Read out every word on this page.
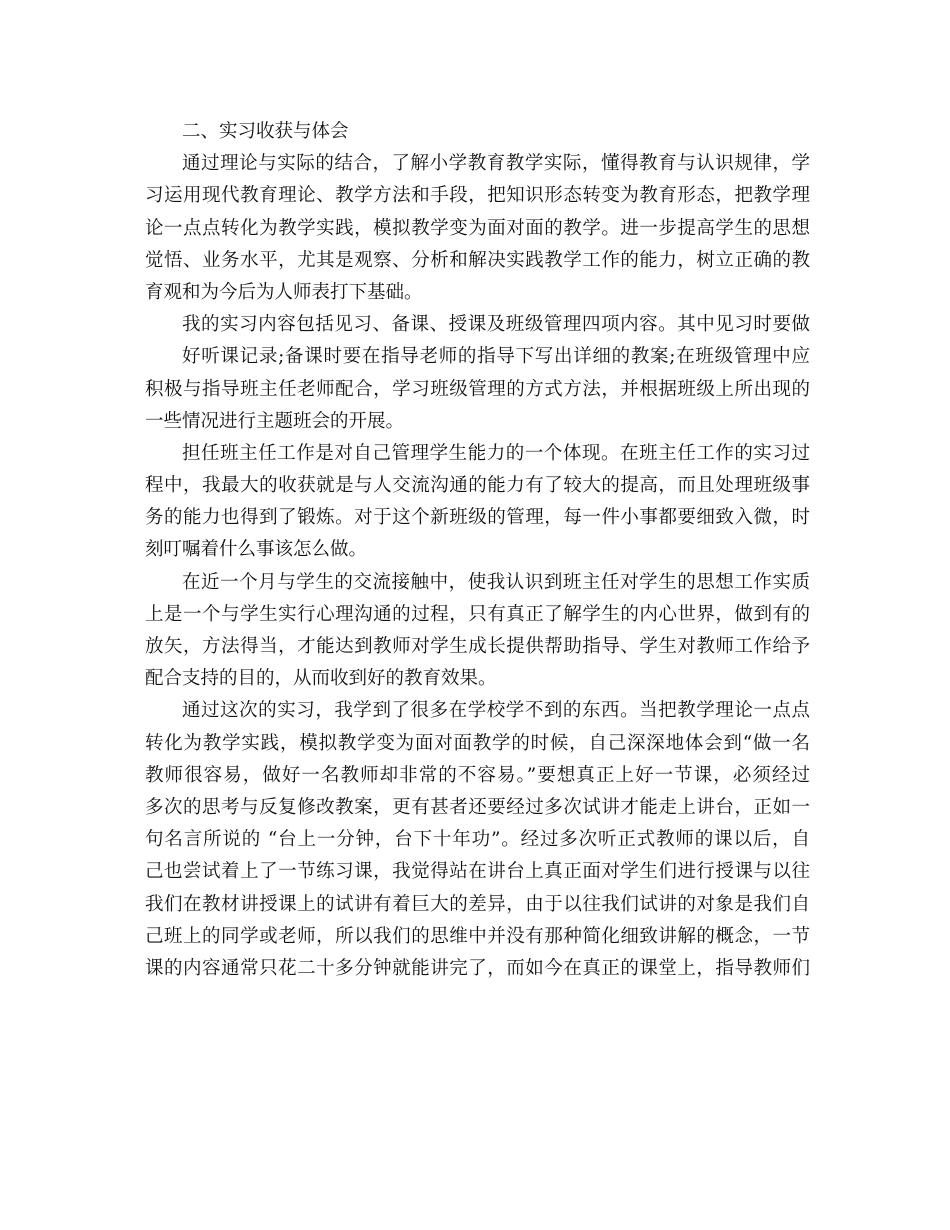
二、实习收获与体会
通过理论与实际的结合，了解小学教育教学实际，懂得教育与认识规律，学
习运用现代教育理论、教学方法和手段，把知识形态转变为教育形态，把教学理
论一点点转化为教学实践，模拟教学变为面对面的教学。进一步提高学生的思想
觉悟、业务水平，尤其是观察、分析和解决实践教学工作的能力，树立正确的教
育观和为今后为人师表打下基础。
我的实习内容包括见习、备课、授课及班级管理四项内容。其中见习时要做
好听课记录;备课时要在指导老师的指导下写出详细的教案;在班级管理中应
积极与指导班主任老师配合，学习班级管理的方式方法，并根据班级上所出现的
一些情况进行主题班会的开展。
担任班主任工作是对自己管理学生能力的一个体现。在班主任工作的实习过
程中，我最大的收获就是与人交流沟通的能力有了较大的提高，而且处理班级事
务的能力也得到了锻炼。对于这个新班级的管理，每一件小事都要细致入微，时
刻叮嘱着什么事该怎么做。
在近一个月与学生的交流接触中，使我认识到班主任对学生的思想工作实质
上是一个与学生实行心理沟通的过程，只有真正了解学生的内心世界，做到有的
放矢，方法得当，才能达到教师对学生成长提供帮助指导、学生对教师工作给予
配合支持的目的，从而收到好的教育效果。
通过这次的实习，我学到了很多在学校学不到的东西。当把教学理论一点点
转化为教学实践，模拟教学变为面对面教学的时候，自己深深地体会到“做一名
教师很容易，做好一名教师却非常的不容易。”要想真正上好一节课，必须经过
多次的思考与反复修改教案，更有甚者还要经过多次试讲才能走上讲台，正如一
句名言所说的 “台上一分钟，台下十年功”。经过多次听正式教师的课以后，自
己也尝试着上了一节练习课，我觉得站在讲台上真正面对学生们进行授课与以往
我们在教材讲授课上的试讲有着巨大的差异，由于以往我们试讲的对象是我们自
己班上的同学或老师，所以我们的思维中并没有那种简化细致讲解的概念，一节
课的内容通常只花二十多分钟就能讲完了，而如今在真正的课堂上，指导教师们
